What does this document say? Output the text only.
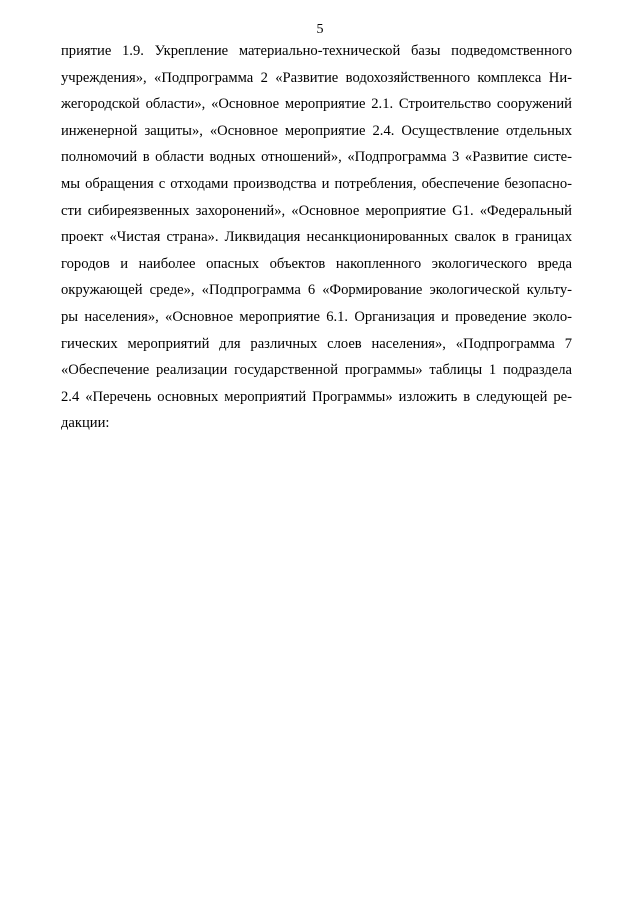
5
приятие 1.9. Укрепление материально-технической базы подведомственного
учреждения», «Подпрограмма 2 «Развитие водохозяйственного комплекса Ни-
жегородской области», «Основное мероприятие 2.1. Строительство сооружений
инженерной защиты», «Основное мероприятие 2.4. Осуществление отдельных
полномочий в области водных отношений», «Подпрограмма 3 «Развитие систе-
мы обращения с отходами производства и потребления, обеспечение безопасно-
сти сибиреязвенных захоронений», «Основное мероприятие G1. «Федеральный
проект «Чистая страна». Ликвидация несанкционированных свалок в границах
городов и наиболее опасных объектов накопленного экологического вреда
окружающей среде», «Подпрограмма 6 «Формирование экологической культу-
ры населения», «Основное мероприятие 6.1. Организация и проведение эколо-
гических мероприятий для различных слоев населения», «Подпрограмма 7
«Обеспечение реализации государственной программы» таблицы 1 подраздела
2.4 «Перечень основных мероприятий Программы» изложить в следующей ре-
дакции:
